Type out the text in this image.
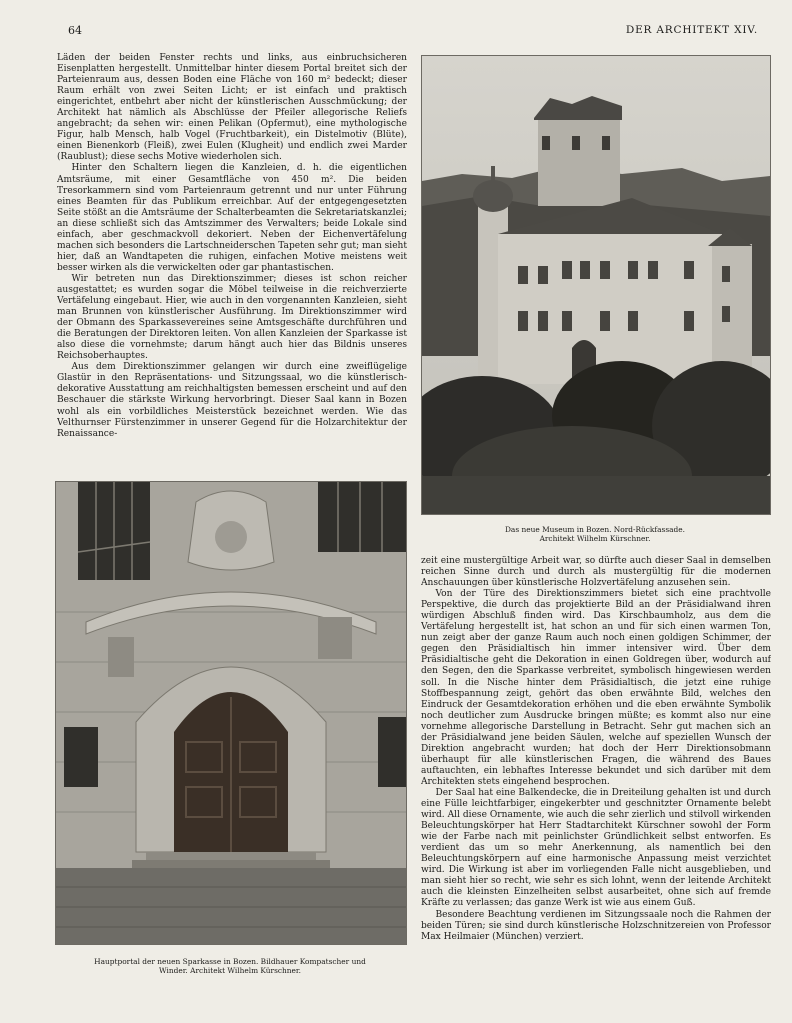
64	DER ARCHITEKT XIV.

Läden der beiden Fenster rechts und links, aus einbruchsicheren Eisenplatten hergestellt. Unmittelbar hinter diesem Portal breitet sich der Parteienraum aus, dessen Boden eine Fläche von 160 m² bedeckt; dieser Raum erhält von zwei Seiten Licht; er ist einfach und praktisch eingerichtet, entbehrt aber nicht der künstlerischen Ausschmückung; der Architekt hat nämlich als Abschlüsse der Pfeiler allegorische Reliefs angebracht; da sehen wir: einen Pelikan (Opfermut), eine mythologische Figur, halb Mensch, halb Vogel (Fruchtbarkeit), ein Distelmotiv (Blüte), einen Bienenkorb (Fleiß), zwei Eulen (Klugheit) und endlich zwei Marder (Raublust); diese sechs Motive wiederholen sich.

Hinter den Schaltern liegen die Kanzleien, d. h. die eigentlichen Amtsräume, mit einer Gesamtfläche von 450 m². Die beiden Tresorkammern sind vom Parteienraum getrennt und nur unter Führung eines Beamten für das Publikum erreichbar. Auf der entgegengesetzten Seite stößt an die Amtsräume der Schalterbeamten die Sekretariatskanzlei; an diese schließt sich das Amtszimmer des Verwalters; beide Lokale sind einfach, aber geschmackvoll dekoriert. Neben der Eichenvertäfelung machen sich besonders die Lartschneiderschen Tapeten sehr gut; man sieht hier, daß an Wandtapeten die ruhigen, einfachen Motive meistens weit besser wirken als die verwickelten oder gar phantastischen.

Wir betreten nun das Direktionszimmer; dieses ist schon reicher ausgestattet; es wurden sogar die Möbel teilweise in die reichverzierte Vertäfelung eingebaut. Hier, wie auch in den vorgenannten Kanzleien, sieht man Brunnen von künstlerischer Ausführung. Im Direktionszimmer wird der Obmann des Sparkassevereines seine Amtsgeschäfte durchführen und die Beratungen der Direktoren leiten. Von allen Kanzleien der Sparkasse ist also diese die vornehmste; darum hängt auch hier das Bildnis unseres Reichsoberhauptes.

Aus dem Direktionszimmer gelangen wir durch eine zweiflügelige Glastür in den Repräsentations- und Sitzungssaal, wo die künstlerisch-dekorative Ausstattung am reichhaltigsten bemessen erscheint und auf den Beschauer die stärkste Wirkung hervorbringt. Dieser Saal kann in Bozen wohl als ein vorbildliches Meisterstück bezeichnet werden. Wie das Velthurnser Fürstenzimmer in unserer Gegend für die Holzarchitektur der Renaissance-

Das neue Museum in Bozen. Nord-Rückfassade.
Architekt Wilhelm Kürschner.
Hauptportal der neuen Sparkasse in Bozen. Bildhauer Kompatscher und
Winder. Architekt Wilhelm Kürschner.

zeit eine mustergültige Arbeit war, so dürfte auch dieser Saal in demselben reichen Sinne durch und durch als mustergültig für die modernen Anschauungen über künstlerische Holzvertäfelung anzusehen sein.

Von der Türe des Direktionszimmers bietet sich eine prachtvolle Perspektive, die durch das projektierte Bild an der Präsidialwand ihren würdigen Abschluß finden wird. Das Kirschbaumholz, aus dem die Vertäfelung hergestellt ist, hat schon an und für sich einen warmen Ton, nun zeigt aber der ganze Raum auch noch einen goldigen Schimmer, der gegen den Präsidialtisch hin immer intensiver wird. Über dem Präsidialtische geht die Dekoration in einen Goldregen über, wodurch auf den Segen, den die Sparkasse verbreitet, symbolisch hingewiesen werden soll. In die Nische hinter dem Präsidialtisch, die jetzt eine ruhige Stoffbespannung zeigt, gehört das oben erwähnte Bild, welches den Eindruck der Gesamtdekoration erhöhen und die eben erwähnte Symbolik noch deutlicher zum Ausdrucke bringen müßte; es kommt also nur eine vornehme allegorische Darstellung in Betracht. Sehr gut machen sich an der Präsidialwand jene beiden Säulen, welche auf speziellen Wunsch der Direktion angebracht wurden; hat doch der Herr Direktionsobmann überhaupt für alle künstlerischen Fragen, die während des Baues auftauchten, ein lebhaftes Interesse bekundet und sich darüber mit dem Architekten stets eingehend besprochen.

Der Saal hat eine Balkendecke, die in Dreiteilung gehalten ist und durch eine Fülle leichtfarbiger, eingekerbter und geschnitzter Ornamente belebt wird. All diese Ornamente, wie auch die sehr zierlich und stilvoll wirkenden Beleuchtungskörper hat Herr Stadtarchitekt Kürschner sowohl der Form wie der Farbe nach mit peinlichster Gründlichkeit selbst entworfen. Es verdient das um so mehr Anerkennung, als namentlich bei den Beleuchtungskörpern auf eine harmonische Anpassung meist verzichtet wird. Die Wirkung ist aber im vorliegenden Falle nicht ausgeblieben, und man sieht hier so recht, wie sehr es sich lohnt, wenn der leitende Architekt auch die kleinsten Einzelheiten selbst ausarbeitet, ohne sich auf fremde Kräfte zu verlassen; das ganze Werk ist wie aus einem Guß.

Besondere Beachtung verdienen im Sitzungssaale noch die Rahmen der beiden Türen; sie sind durch künstlerische Holzschnitzereien von Professor Max Heilmaier (München) verziert.
